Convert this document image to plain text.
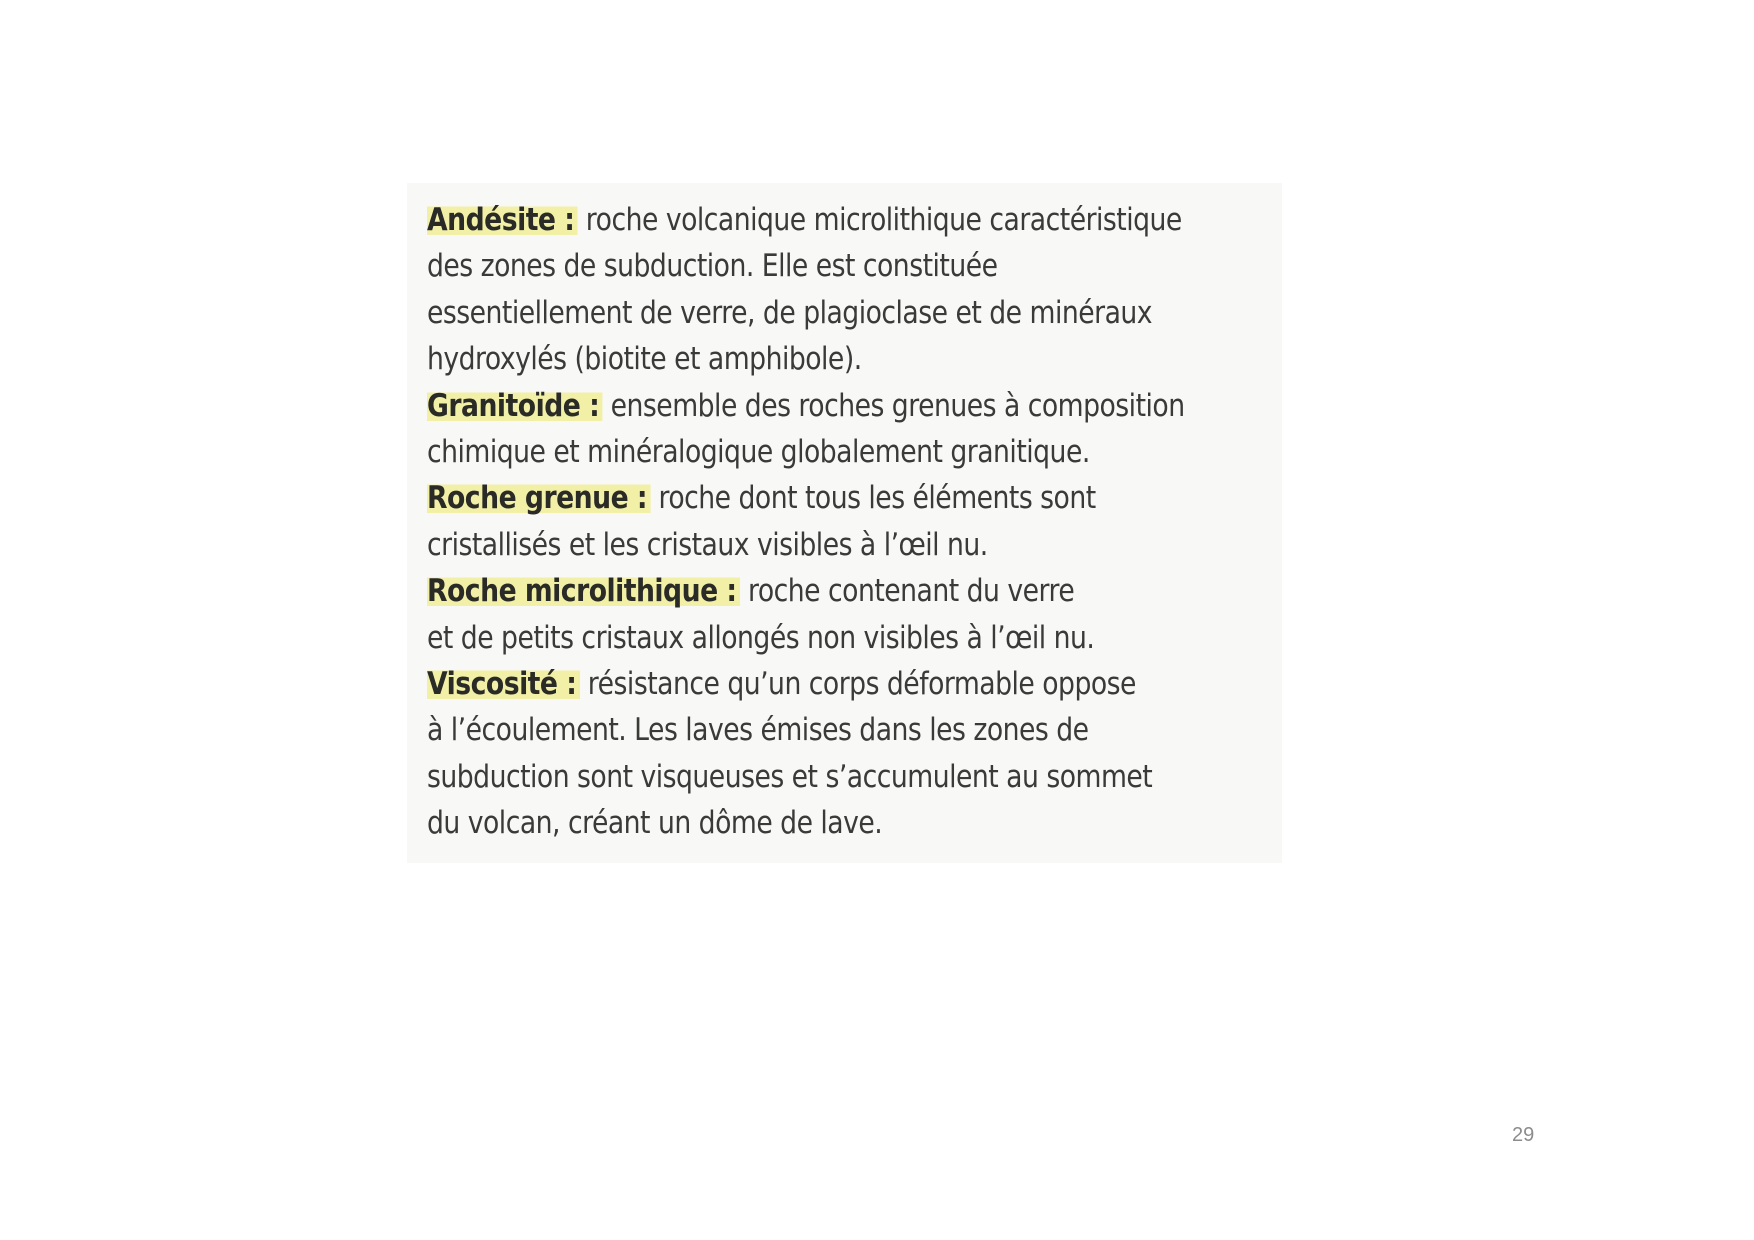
Andésite : roche volcanique microlithique caractéristique
des zones de subduction. Elle est constituée
essentiellement de verre, de plagioclase et de minéraux
hydroxylés (biotite et amphibole).
Granitoïde : ensemble des roches grenues à composition
chimique et minéralogique globalement granitique.
Roche grenue : roche dont tous les éléments sont
cristallisés et les cristaux visibles à l’œil nu.
Roche microlithique : roche contenant du verre
et de petits cristaux allongés non visibles à l’œil nu.
Viscosité : résistance qu’un corps déformable oppose
à l’écoulement. Les laves émises dans les zones de
subduction sont visqueuses et s’accumulent au sommet
du volcan, créant un dôme de lave.
29
